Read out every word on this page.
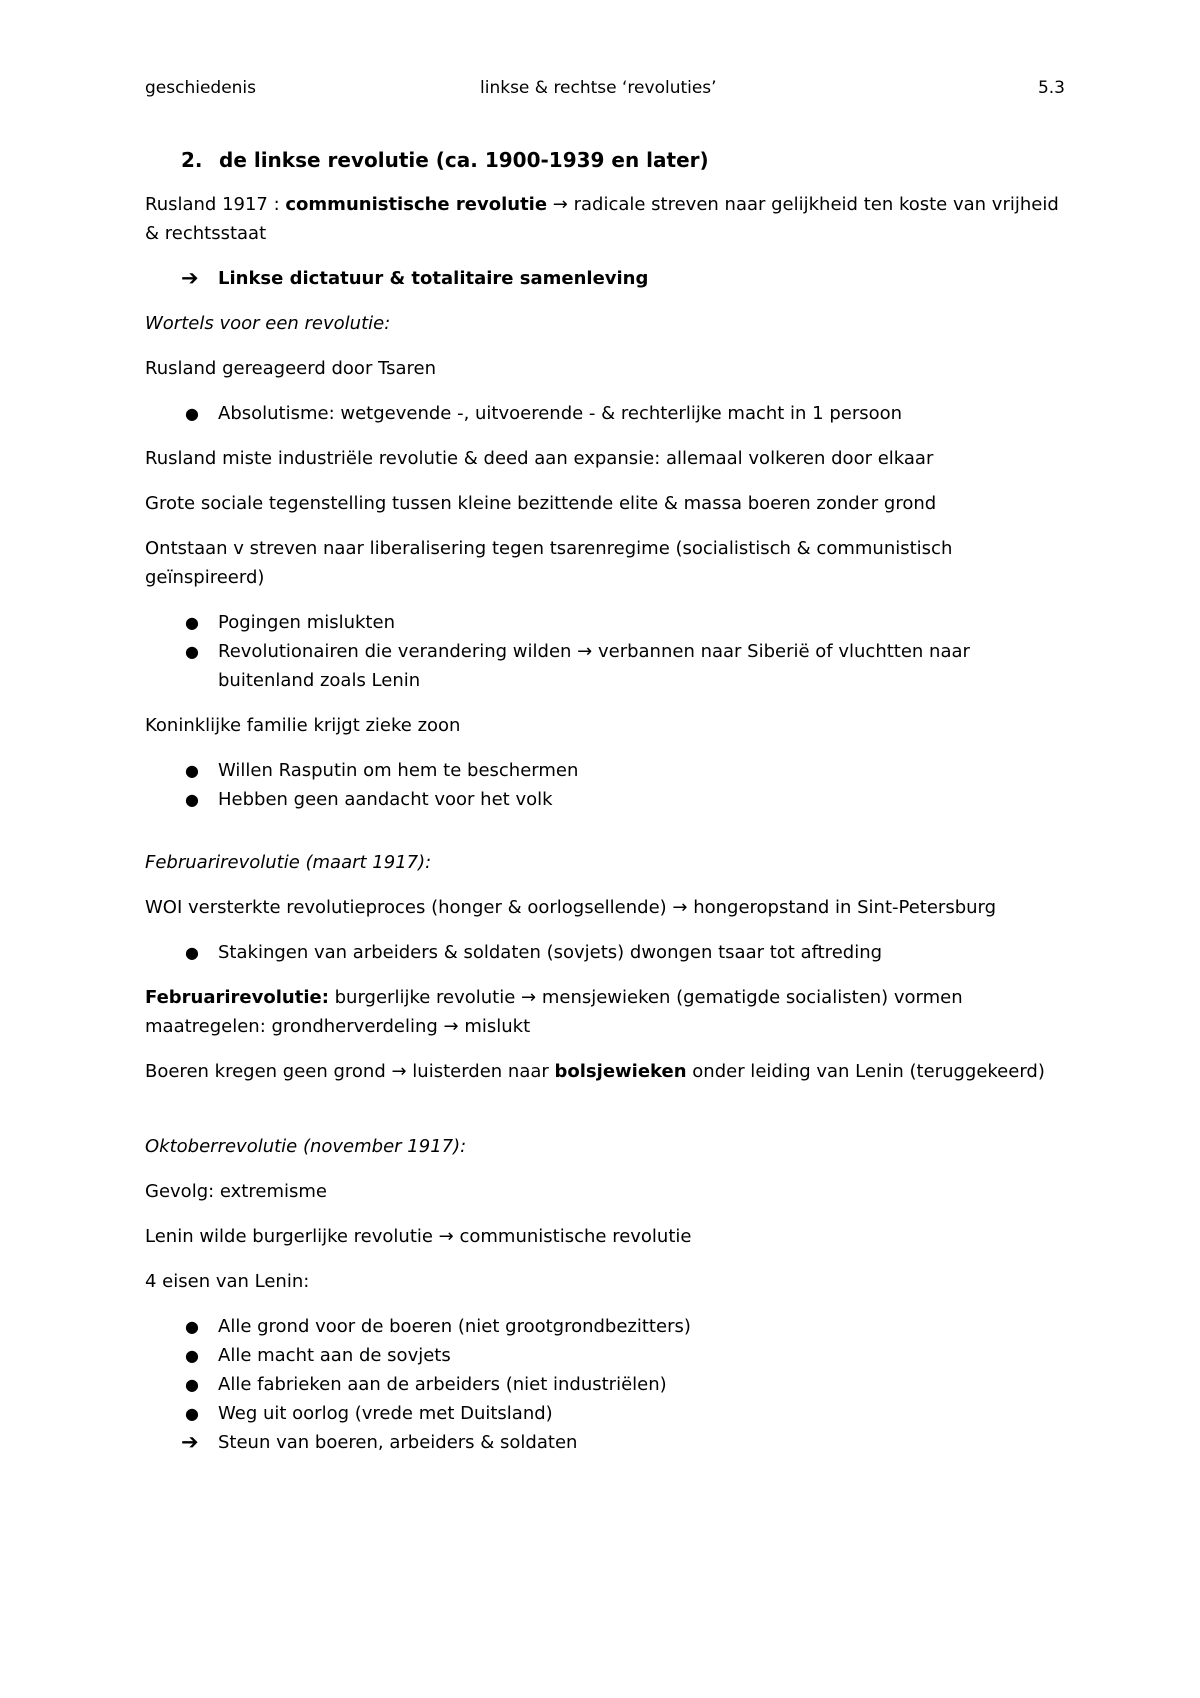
geschiedenis	linkse & rechtse ‘revoluties’	5.3

2. de linkse revolutie (ca. 1900-1939 en later)

Rusland 1917 : communistische revolutie → radicale streven naar gelijkheid ten koste van vrijheid & rechtsstaat

➔ Linkse dictatuur & totalitaire samenleving

Wortels voor een revolutie:

Rusland gereageerd door Tsaren

● Absolutisme: wetgevende -, uitvoerende - & rechterlijke macht in 1 persoon

Rusland miste industriële revolutie & deed aan expansie: allemaal volkeren door elkaar

Grote sociale tegenstelling tussen kleine bezittende elite & massa boeren zonder grond

Ontstaan v streven naar liberalisering tegen tsarenregime (socialistisch & communistisch geïnspireerd)

● Pogingen mislukten
● Revolutionairen die verandering wilden → verbannen naar Siberië of vluchtten naar buitenland zoals Lenin

Koninklijke familie krijgt zieke zoon

● Willen Rasputin om hem te beschermen
● Hebben geen aandacht voor het volk

Februarirevolutie (maart 1917):

WOI versterkte revolutieproces (honger & oorlogsellende) → hongeropstand in Sint-Petersburg

● Stakingen van arbeiders & soldaten (sovjets) dwongen tsaar tot aftreding

Februarirevolutie: burgerlijke revolutie → mensjewieken (gematigde socialisten) vormen maatregelen: grondherverdeling → mislukt

Boeren kregen geen grond → luisterden naar bolsjewieken onder leiding van Lenin (teruggekeerd)

Oktoberrevolutie (november 1917):

Gevolg: extremisme

Lenin wilde burgerlijke revolutie → communistische revolutie

4 eisen van Lenin:

● Alle grond voor de boeren (niet grootgrondbezitters)
● Alle macht aan de sovjets
● Alle fabrieken aan de arbeiders (niet industriëlen)
● Weg uit oorlog (vrede met Duitsland)
➔ Steun van boeren, arbeiders & soldaten
